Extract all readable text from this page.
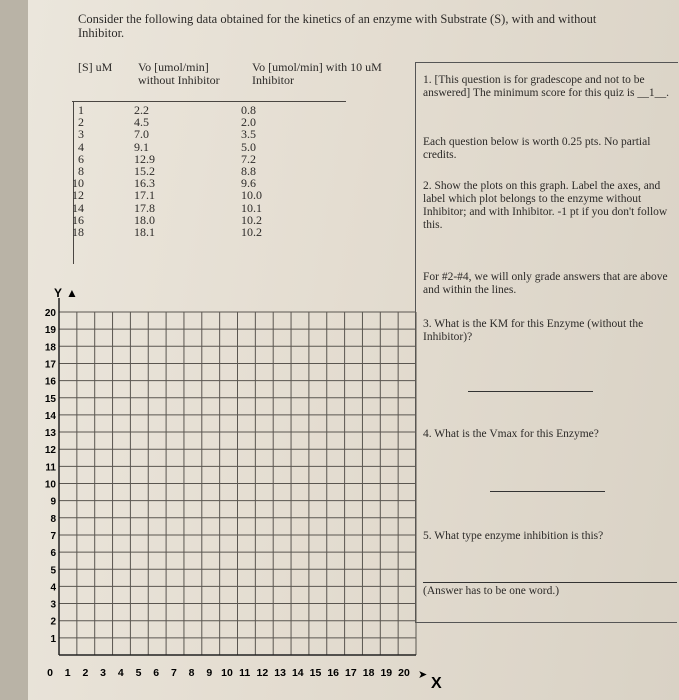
Consider the following data obtained for the kinetics of an enzyme with Substrate (S), with and without Inhibitor.
[S] uM Vo [umol/min] without Inhibitor
Vo [umol/min] with 10 uM Inhibitor
1
2
3
4
6
8
10
12
14
16
18
2.2
4.5
7.0
9.1
12.9
15.2
16.3
17.1
17.8
18.0
18.1
0.8
2.0
3.5
5.0
7.2
8.8
9.6
10.0
10.1
10.2
10.2
1. [This question is for gradescope and not to be answered] The minimum score for this quiz is __1__.
Each question below is worth 0.25 pts. No partial credits.
2. Show the plots on this graph. Label the axes, and label which plot belongs to the enzyme without Inhibitor; and with Inhibitor. -1 pt if you don't follow this.
For #2-#4, we will only grade answers that are above and within the lines.
3. What is the KM for this Enzyme (without the Inhibitor)?
4. What is the Vmax for this Enzyme?
5. What type enzyme inhibition is this?
(Answer has to be one word.)
Y ▲
X
➤
20
19
18
17
16
15
14
13
12
11
10
9
8
7
6
5
4
3
2
1
0 1 2 3 4 5 6 7 8 9 10 11 12 13 14 15 16 17 18 19 20
